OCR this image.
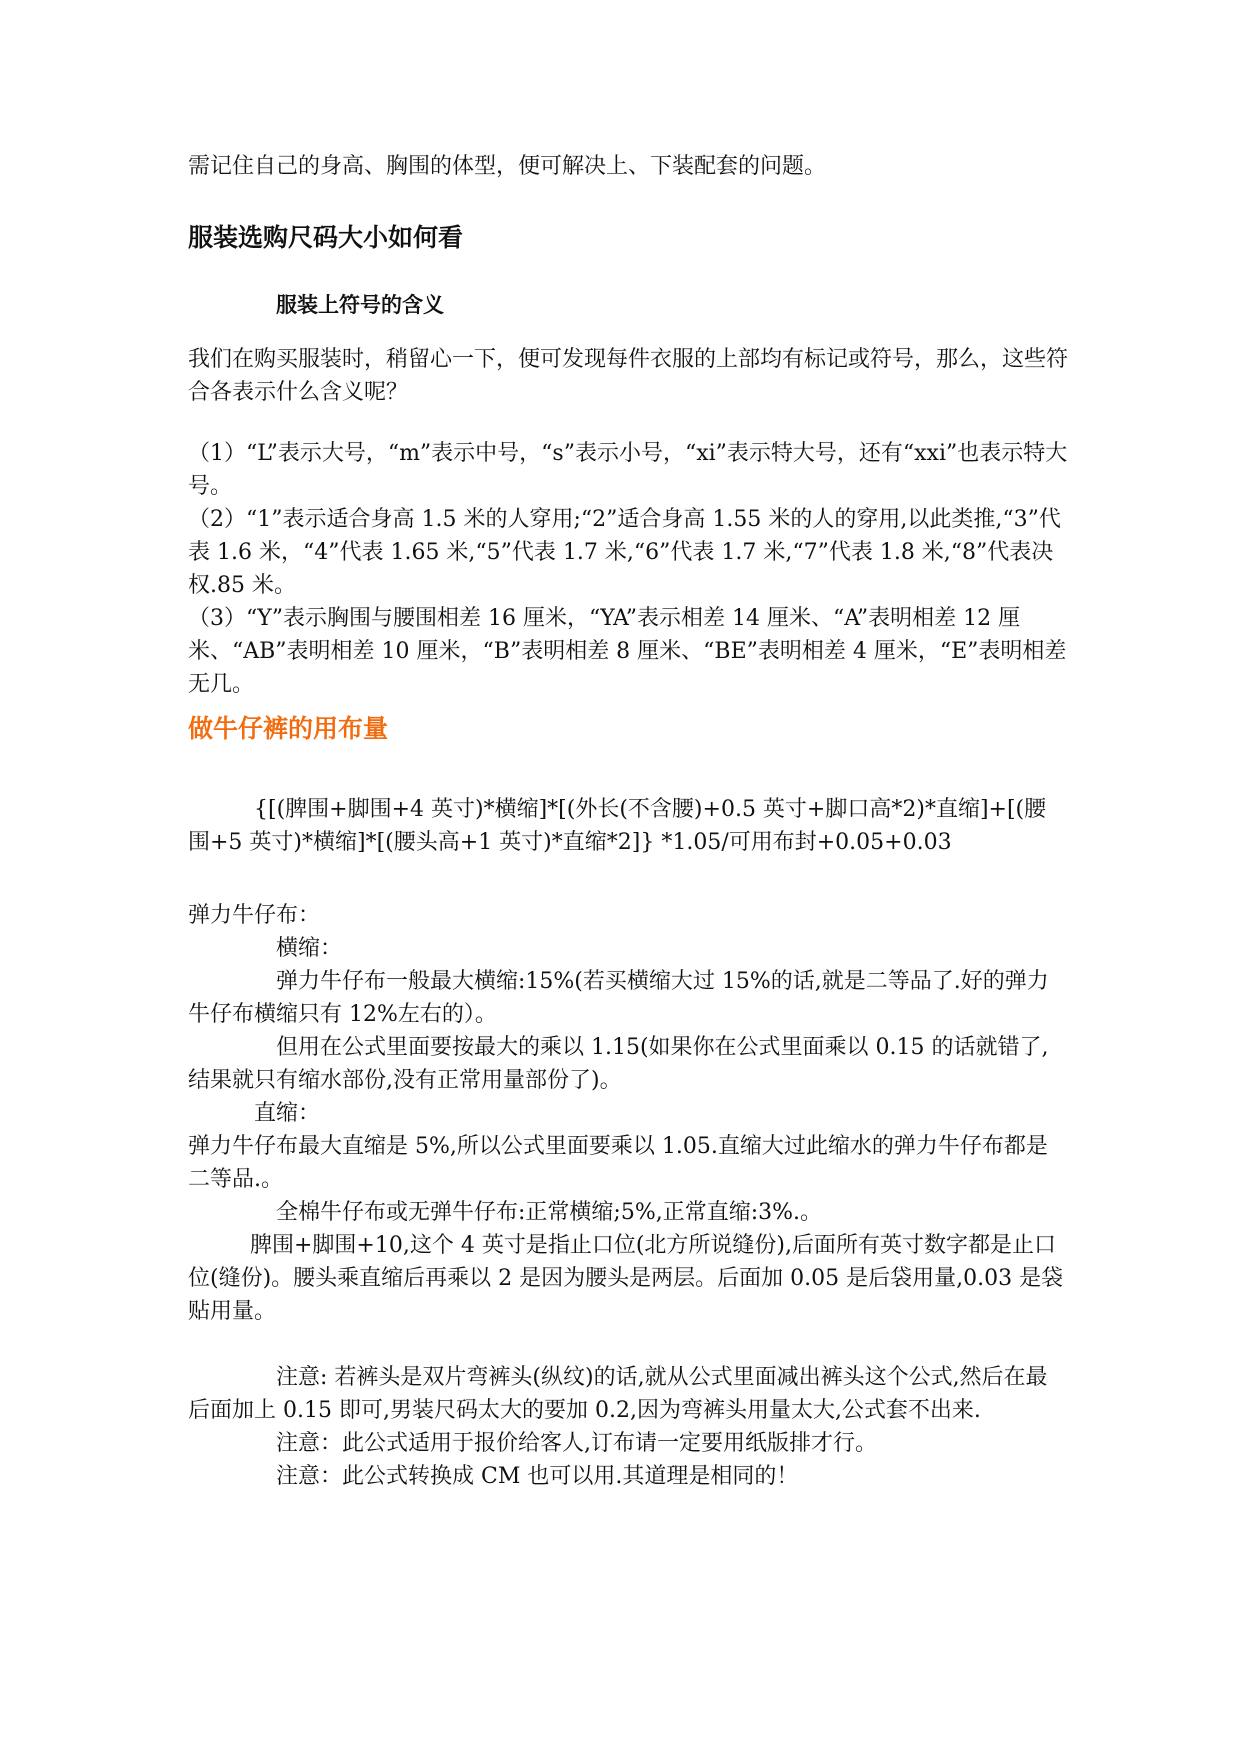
需记住自己的身高、胸围的体型，便可解决上、下装配套的问题。

服装选购尺码大小如何看
服装上符号的含义

我们在购买服装时，稍留心一下，便可发现每件衣服的上部均有标记或符号，那么，这些符合各表示什么含义呢？

（1）“L”表示大号，“m”表示中号，“s”表示小号，“xi”表示特大号，还有“xxi”也表示特大号。

（2）“1”表示适合身高 1.5 米的人穿用;“2”适合身高 1.55 米的人的穿用,以此类推,“3”代表 1.6 米，“4”代表 1.65 米,“5”代表 1.7 米,“6”代表 1.7 米,“7”代表 1.8 米,“8”代表决权.85 米。

（3）“Y”表示胸围与腰围相差 16 厘米，“YA”表示相差 14 厘米、“A”表明相差 12 厘米、“AB”表明相差 10 厘米，“B”表明相差 8 厘米、“BE”表明相差 4 厘米，“E”表明相差无几。

做牛仔裤的用布量

{[(脾围+脚围+4 英寸)*横缩]*[(外长(不含腰)+0.5 英寸+脚口高*2)*直缩]+[(腰围+5 英寸)*横缩]*[(腰头高+1 英寸)*直缩*2]} *1.05/可用布封+0.05+0.03

弹力牛仔布：

横缩：

弹力牛仔布一般最大横缩:15%(若买横缩大过 15%的话,就是二等品了.好的弹力牛仔布横缩只有 12%左右的）。

但用在公式里面要按最大的乘以 1.15(如果你在公式里面乘以 0.15 的话就错了,结果就只有缩水部份,没有正常用量部份了)。

直缩：

弹力牛仔布最大直缩是 5%,所以公式里面要乘以 1.05.直缩大过此缩水的弹力牛仔布都是二等品.。

全棉牛仔布或无弹牛仔布:正常横缩;5%,正常直缩:3%.。

脾围+脚围+10,这个 4 英寸是指止口位(北方所说缝份),后面所有英寸数字都是止口位(缝份)。腰头乘直缩后再乘以 2 是因为腰头是两层。后面加 0.05 是后袋用量,0.03 是袋贴用量。

注意: 若裤头是双片弯裤头(纵纹)的话,就从公式里面减出裤头这个公式,然后在最后面加上 0.15 即可,男装尺码太大的要加 0.2,因为弯裤头用量太大,公式套不出来.

注意：此公式适用于报价给客人,订布请一定要用纸版排才行。

注意：此公式转换成 CM 也可以用.其道理是相同的！
